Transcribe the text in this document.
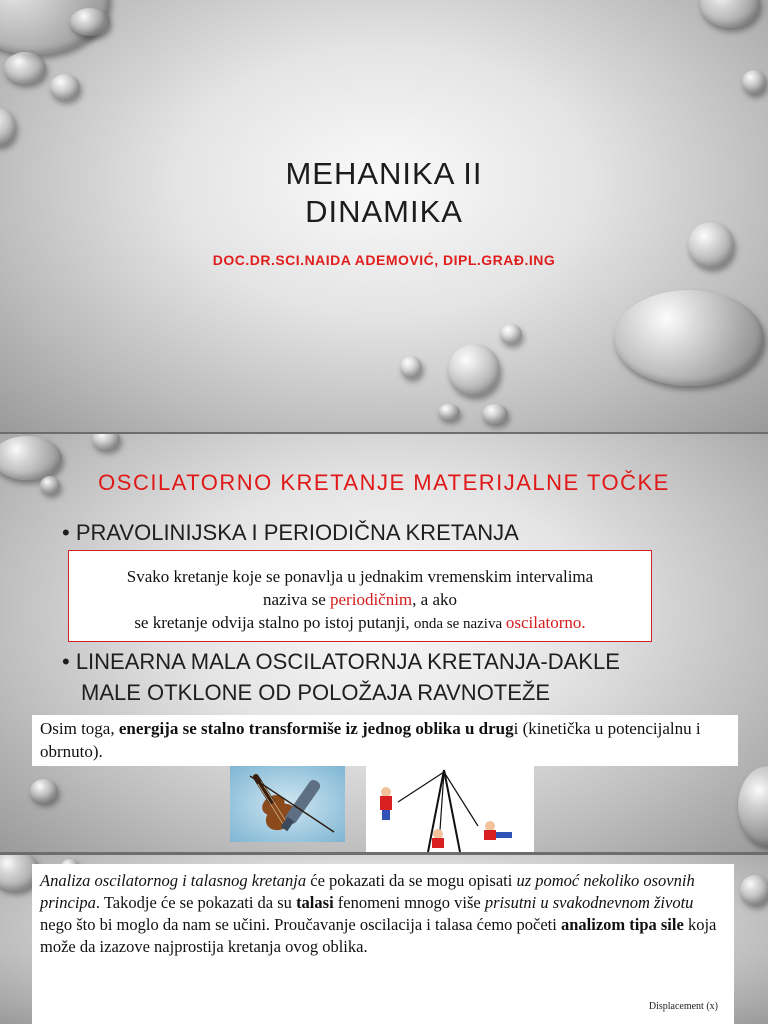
MEHANIKA II
DINAMIKA
DOC.DR.SCI.NAIDA ADEMOVIĆ, DIPL.GRAĐ.ING
OSCILATORNO KRETANJE MATERIJALNE TOČKE
• PRAVOLINIJSKA I PERIODIČNA KRETANJA
Svako kretanje koje se ponavlja u jednakim vremenskim intervalima
naziva se periodičnim, a ako
se kretanje odvija stalno po istoj putanji, onda se naziva oscilatorno.
• LINEARNA MALA OSCILATORNJA KRETANJA-DAKLE
MALE OTKLONE OD POLOŽAJA RAVNOTEŽE
Osim toga, energija se stalno transformiše iz jednog oblika u drugi (kinetička u potencijalnu i obrnuto).
Analiza oscilatornog i talasnog kretanja će pokazati da se mogu opisati uz pomoć nekoliko osovnih principa. Takodje će se pokazati da su talasi fenomeni mnogo više prisutni u svakodnevnom životu nego što bi moglo da nam se učini. Proučavanje oscilacija i talasa ćemo početi analizom tipa sile koja može da izazove najprostija kretanja ovog oblika.
Displacement (x)
